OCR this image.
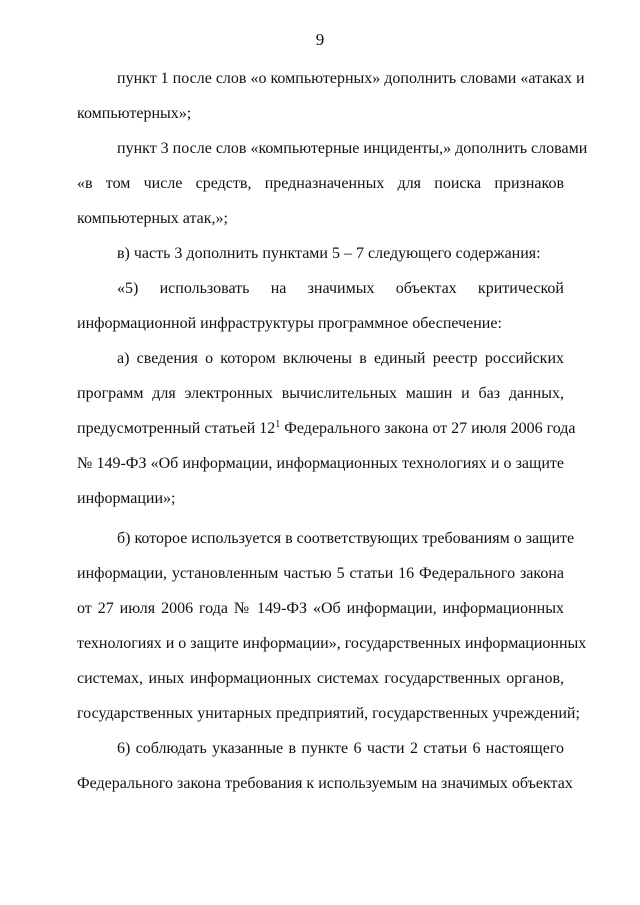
9
пункт 1 после слов «о компьютерных» дополнить словами «атаках и
компьютерных»;
пункт 3 после слов «компьютерные инциденты,» дополнить словами
«в том числе средств, предназначенных для поиска признаков
компьютерных атак,»;
в) часть 3 дополнить пунктами 5 – 7 следующего содержания:
«5) использовать на значимых объектах критической
информационной инфраструктуры программное обеспечение:
а) сведения о котором включены в единый реестр российских
программ для электронных вычислительных машин и баз данных,
предусмотренный статьей $12^1$ Федерального закона от 27 июля 2006 года
№ 149-ФЗ «Об информации, информационных технологиях и о защите
информации»;
б) которое используется в соответствующих требованиям о защите
информации, установленным частью 5 статьи 16 Федерального закона
от 27 июля 2006 года № 149-ФЗ «Об информации, информационных
технологиях и о защите информации», государственных информационных
системах, иных информационных системах государственных органов,
государственных унитарных предприятий, государственных учреждений;
6) соблюдать указанные в пункте 6 части 2 статьи 6 настоящего
Федерального закона требования к используемым на значимых объектах
